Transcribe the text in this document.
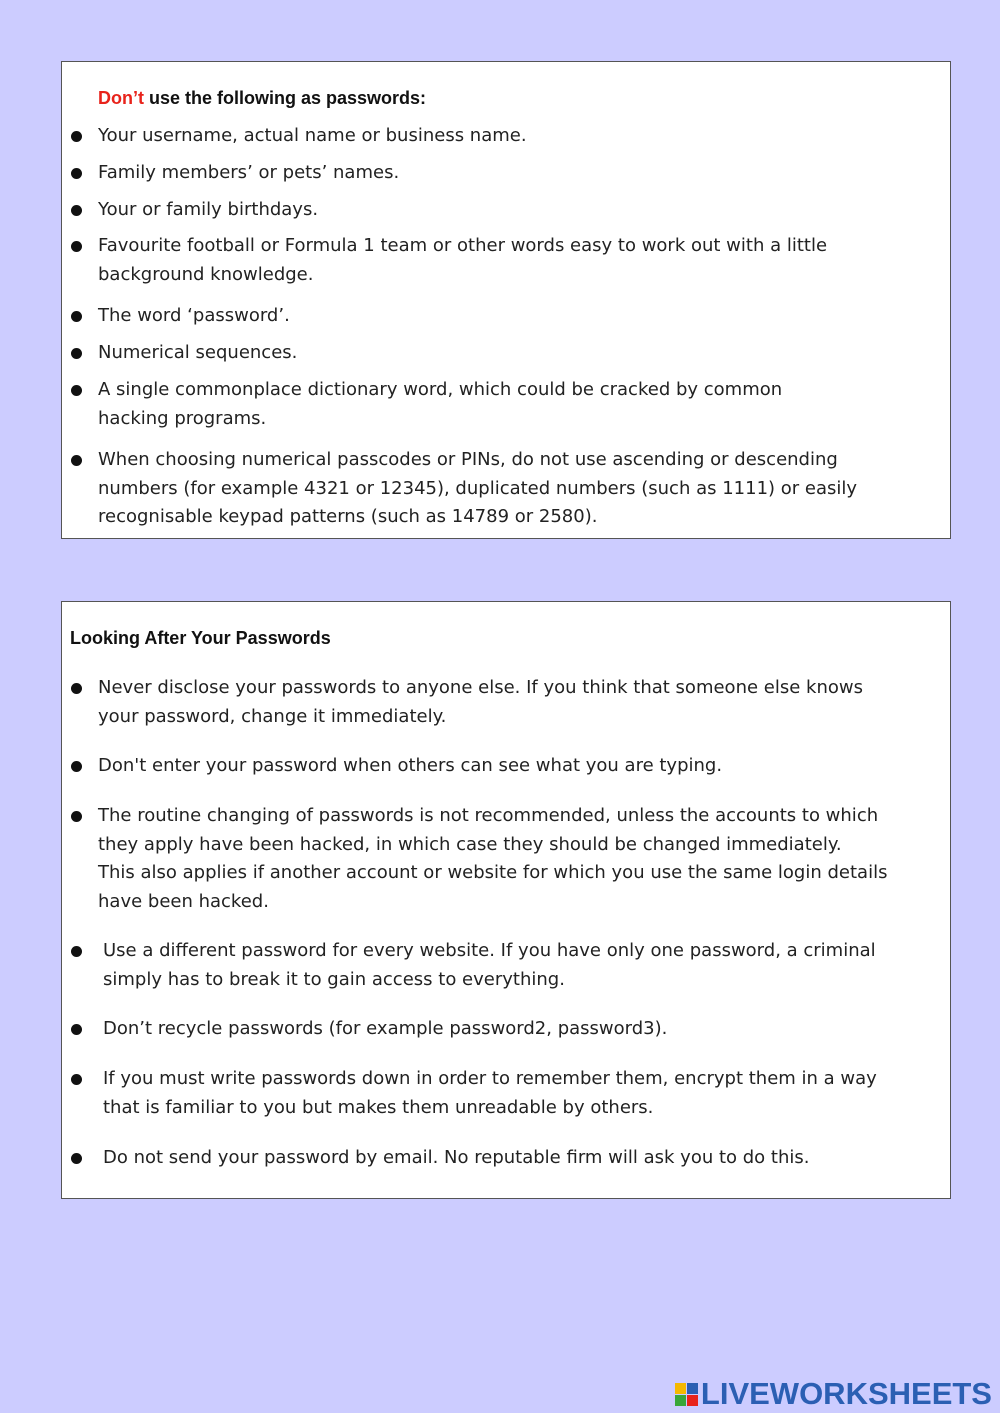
Don’t use the following as passwords:
Your username, actual name or business name.
Family members’ or pets’ names.
Your or family birthdays.
Favourite football or Formula 1 team or other words easy to work out with a little
background knowledge.
The word ‘password’.
Numerical sequences.
A single commonplace dictionary word, which could be cracked by common
hacking programs.
When choosing numerical passcodes or PINs, do not use ascending or descending
numbers (for example 4321 or 12345), duplicated numbers (such as 1111) or easily
recognisable keypad patterns (such as 14789 or 2580).
Looking After Your Passwords
Never disclose your passwords to anyone else. If you think that someone else knows
your password, change it immediately.
Don't enter your password when others can see what you are typing.
The routine changing of passwords is not recommended, unless the accounts to which
they apply have been hacked, in which case they should be changed immediately.
This also applies if another account or website for which you use the same login details
have been hacked.
Use a different password for every website. If you have only one password, a criminal
simply has to break it to gain access to everything.
Don’t recycle passwords (for example password2, password3).
If you must write passwords down in order to remember them, encrypt them in a way
that is familiar to you but makes them unreadable by others.
Do not send your password by email. No reputable firm will ask you to do this.
LIVEWORKSHEETS
